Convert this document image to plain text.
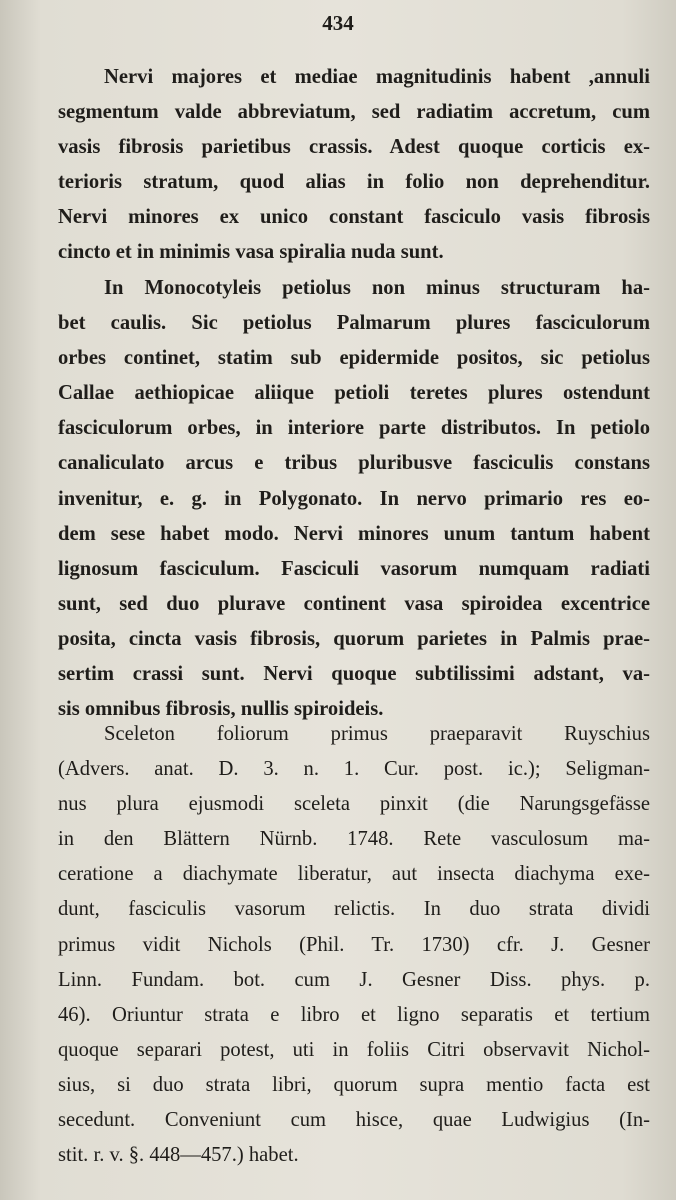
434

Nervi majores et mediae magnitudinis habent ,annuli
segmentum valde abbreviatum, sed radiatim accretum, cum
vasis fibrosis parietibus crassis. Adest quoque corticis ex-
terioris stratum, quod alias in folio non deprehenditur.
Nervi minores ex unico constant fasciculo vasis fibrosis
cincto et in minimis vasa spiralia nuda sunt.

In Monocotyleis petiolus non minus structuram ha-
bet caulis. Sic petiolus Palmarum plures fasciculorum
orbes continet, statim sub epidermide positos, sic petiolus
Callae aethiopicae aliique petioli teretes plures ostendunt
fasciculorum orbes, in interiore parte distributos. In petiolo
canaliculato arcus e tribus pluribusve fasciculis constans
invenitur, e. g. in Polygonato. In nervo primario res eo-
dem sese habet modo. Nervi minores unum tantum habent
lignosum fasciculum. Fasciculi vasorum numquam radiati
sunt, sed duo plurave continent vasa spiroidea excentrice
posita, cincta vasis fibrosis, quorum parietes in Palmis prae-
sertim crassi sunt. Nervi quoque subtilissimi adstant, va-
sis omnibus fibrosis, nullis spiroideis.

Sceleton foliorum primus praeparavit Ruyschius
(Advers. anat. D. 3. n. 1. Cur. post. ic.); Seligman-
nus plura ejusmodi sceleta pinxit (die Narungsgefässe
in den Blättern Nürnb. 1748. Rete vasculosum ma-
ceratione a diachymate liberatur, aut insecta diachyma exe-
dunt, fasciculis vasorum relictis. In duo strata dividi
primus vidit Nichols (Phil. Tr. 1730) cfr. J. Gesner
Linn. Fundam. bot. cum J. Gesner Diss. phys. p.
46). Oriuntur strata e libro et ligno separatis et tertium
quoque separari potest, uti in foliis Citri observavit Nichol-
sius, si duo strata libri, quorum supra mentio facta est
secedunt. Conveniunt cum hisce, quae Ludwigius (In-
stit. r. v. §. 448—457.) habet.
